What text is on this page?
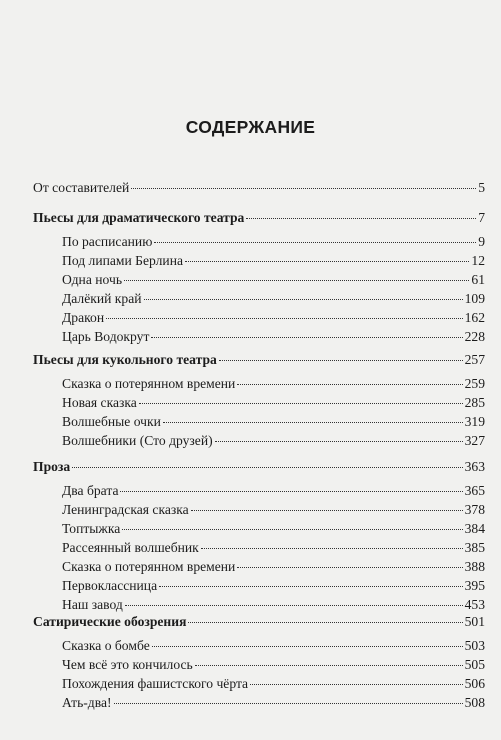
СОДЕРЖАНИЕ
От составителей	5
Пьесы для драматического театра	7
По расписанию	9
Под липами Берлина	12
Одна ночь	61
Далёкий край	109
Дракон	162
Царь Водокрут	228
Пьесы для кукольного театра	257
Сказка о потерянном времени	259
Новая сказка	285
Волшебные очки	319
Волшебники (Сто друзей)	327
Проза	363
Два брата	365
Ленинградская сказка	378
Топтыжка	384
Рассеянный волшебник	385
Сказка о потерянном времени	388
Первоклассница	395
Наш завод	453
Сатирические обозрения	501
Сказка о бомбе	503
Чем всё это кончилось	505
Похождения фашистского чёрта	506
Ать-два!	508
